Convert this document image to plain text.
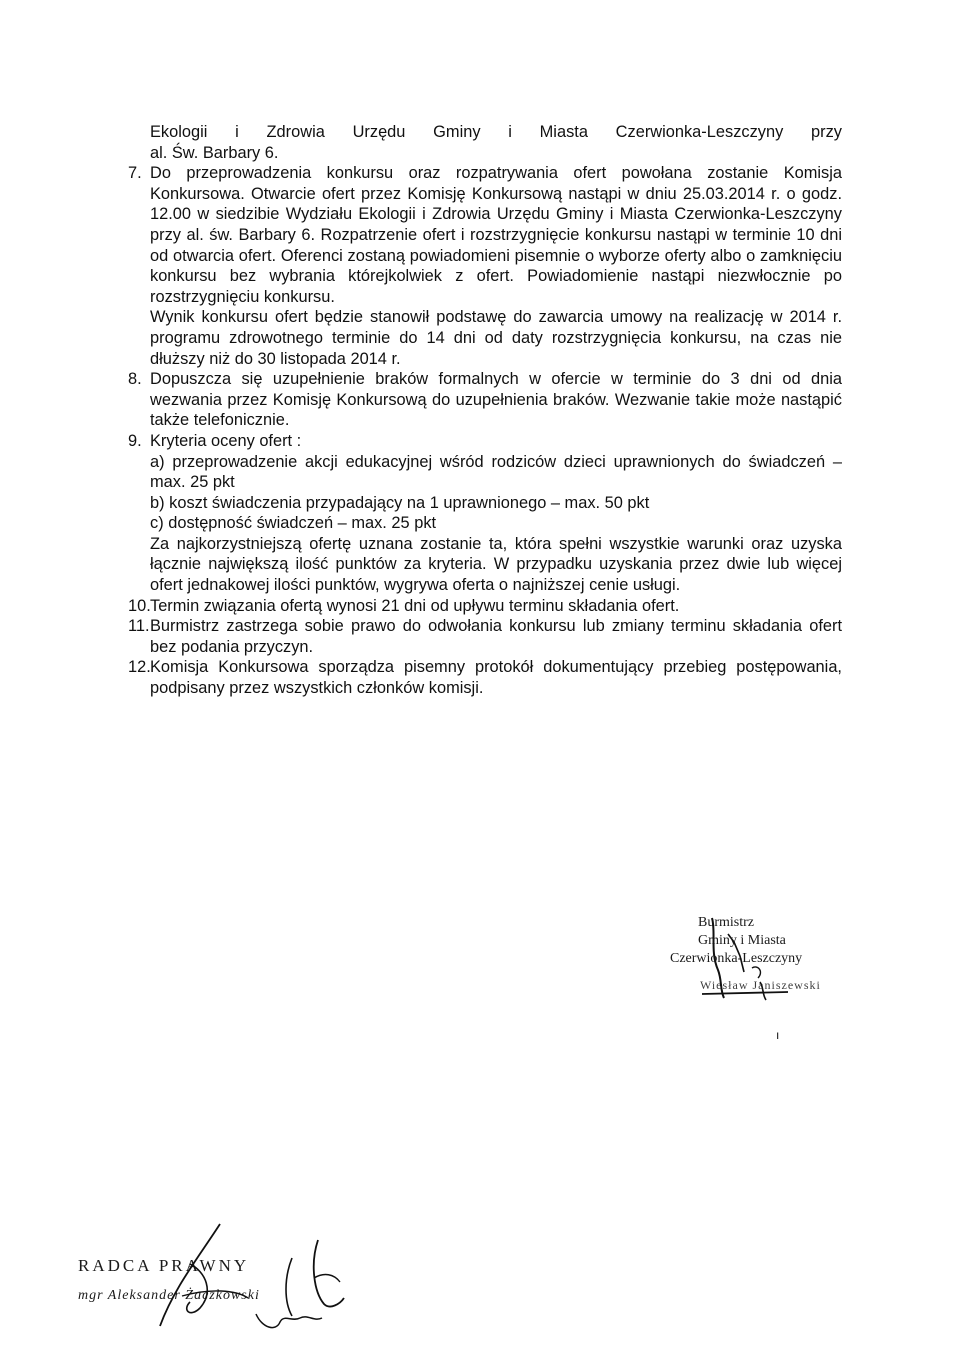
Ekologii i Zdrowia Urzędu Gminy i Miasta Czerwionka-Leszczyny przy

al. Św. Barbary 6.

7. Do przeprowadzenia konkursu oraz rozpatrywania ofert powołana zostanie Komisja Konkursowa. Otwarcie ofert przez Komisję Konkursową nastąpi w dniu 25.03.2014 r. o godz. 12.00 w siedzibie Wydziału Ekologii i Zdrowia Urzędu Gminy i Miasta Czerwionka-Leszczyny przy al. św. Barbary 6. Rozpatrzenie ofert i rozstrzygnięcie konkursu nastąpi w terminie 10 dni od otwarcia ofert. Oferenci zostaną powiadomieni pisemnie o wyborze oferty albo o zamknięciu konkursu bez wybrania którejkolwiek z ofert. Powiadomienie nastąpi niezwłocznie po rozstrzygnięciu konkursu.

Wynik konkursu ofert będzie stanowił podstawę do zawarcia umowy na realizację w 2014 r. programu zdrowotnego terminie do 14 dni od daty rozstrzygnięcia konkursu, na czas nie dłuższy niż do 30 listopada 2014 r.

8. Dopuszcza się uzupełnienie braków formalnych w ofercie w terminie do 3 dni od dnia wezwania przez Komisję Konkursową do uzupełnienia braków. Wezwanie takie może nastąpić także telefonicznie.

9. Kryteria oceny ofert :

a) przeprowadzenie akcji edukacyjnej wśród rodziców dzieci uprawnionych do świadczeń – max. 25 pkt

b) koszt świadczenia przypadający na 1 uprawnionego – max. 50 pkt

c) dostępność świadczeń – max. 25 pkt

Za najkorzystniejszą ofertę uznana zostanie ta, która spełni wszystkie warunki oraz uzyska łącznie największą ilość punktów za kryteria. W przypadku uzyskania przez dwie lub więcej ofert jednakowej ilości punktów, wygrywa oferta o najniższej cenie usługi.

10. Termin związania ofertą wynosi 21 dni od upływu terminu składania ofert.

11. Burmistrz zastrzega sobie prawo do odwołania konkursu lub zmiany terminu składania ofert bez podania przyczyn.

12. Komisja Konkursowa sporządza pisemny protokół dokumentujący przebieg postępowania, podpisany przez wszystkich członków komisji.

Burmistrz
Gminy i Miasta
Czerwionka-Leszczyny
Wiesław Janiszewski
ı
RADCA PRAWNY
mgr Aleksander Żaczkowski
